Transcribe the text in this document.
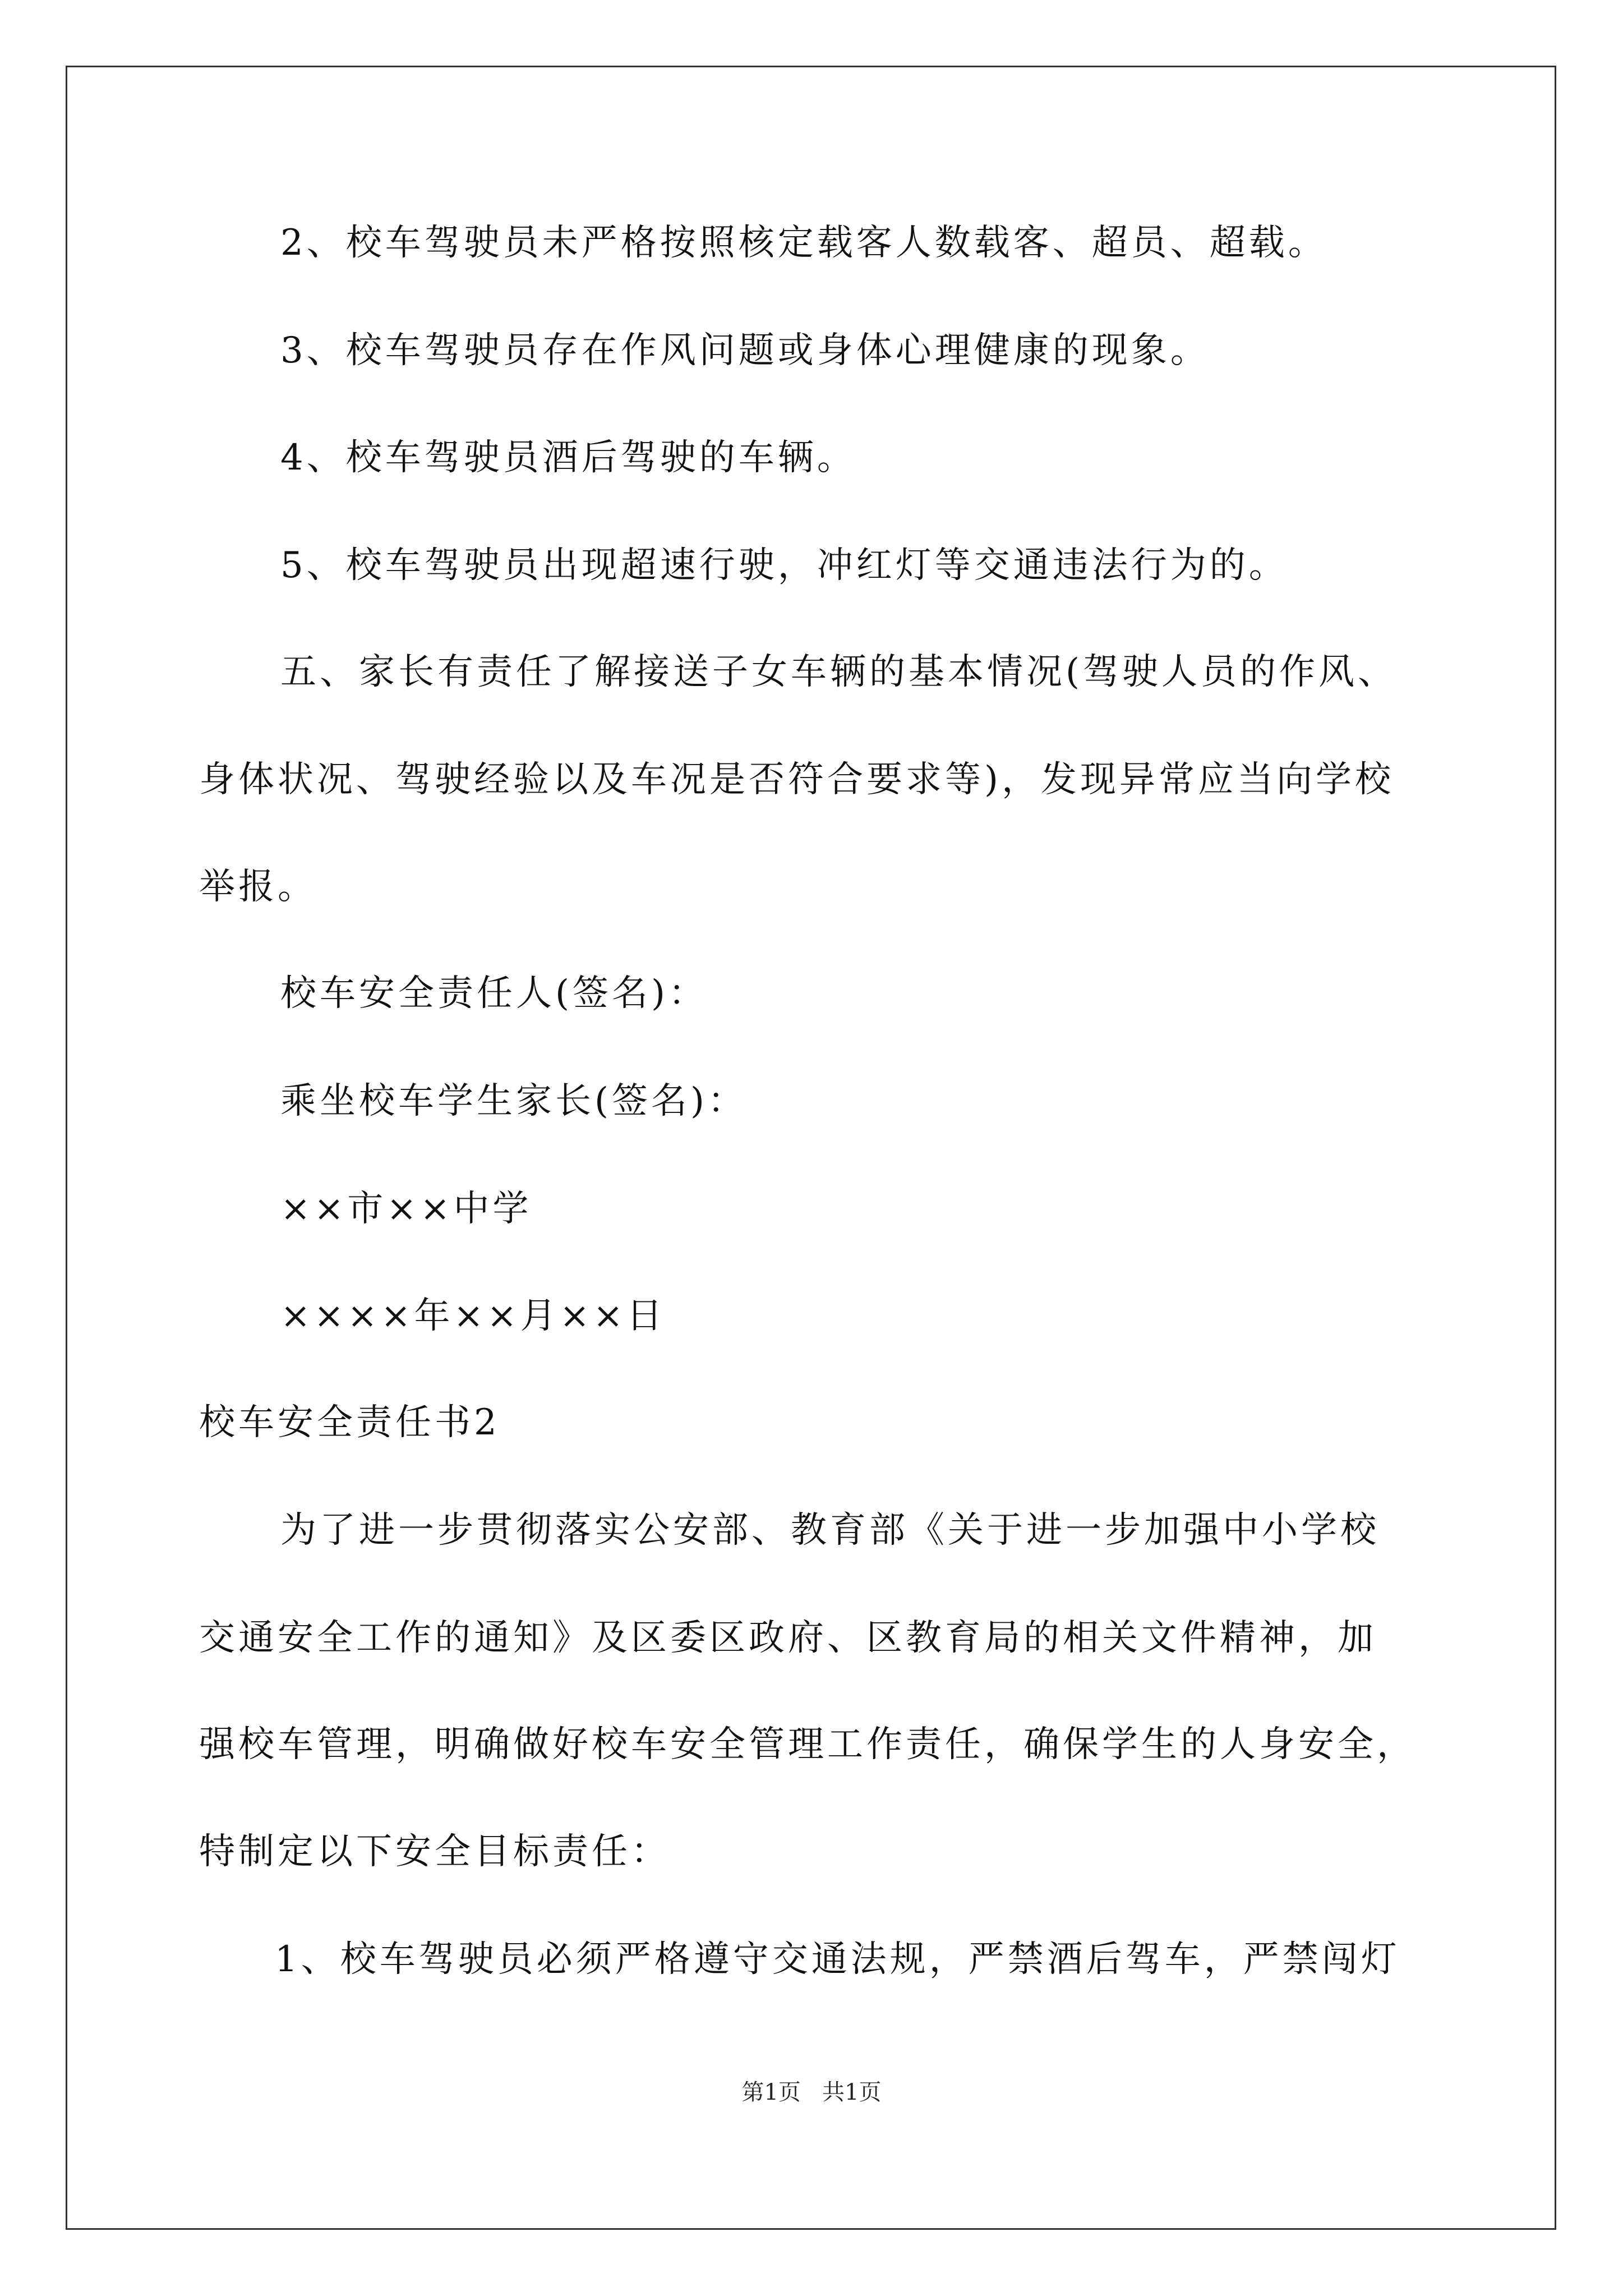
2、校车驾驶员未严格按照核定载客人数载客、超员、超载。
3、校车驾驶员存在作风问题或身体心理健康的现象。
4、校车驾驶员酒后驾驶的车辆。
5、校车驾驶员出现超速行驶，冲红灯等交通违法行为的。
五、家长有责任了解接送子女车辆的基本情况(驾驶人员的作风、
身体状况、驾驶经验以及车况是否符合要求等)，发现异常应当向学校
举报。
校车安全责任人(签名)：
乘坐校车学生家长(签名)：
××市××中学
××××年××月××日
校车安全责任书2
为了进一步贯彻落实公安部、教育部《关于进一步加强中小学校
交通安全工作的通知》及区委区政府、区教育局的相关文件精神，加
强校车管理，明确做好校车安全管理工作责任，确保学生的人身安全，
特制定以下安全目标责任：
1、校车驾驶员必须严格遵守交通法规，严禁酒后驾车，严禁闯灯
第1页   共1页
